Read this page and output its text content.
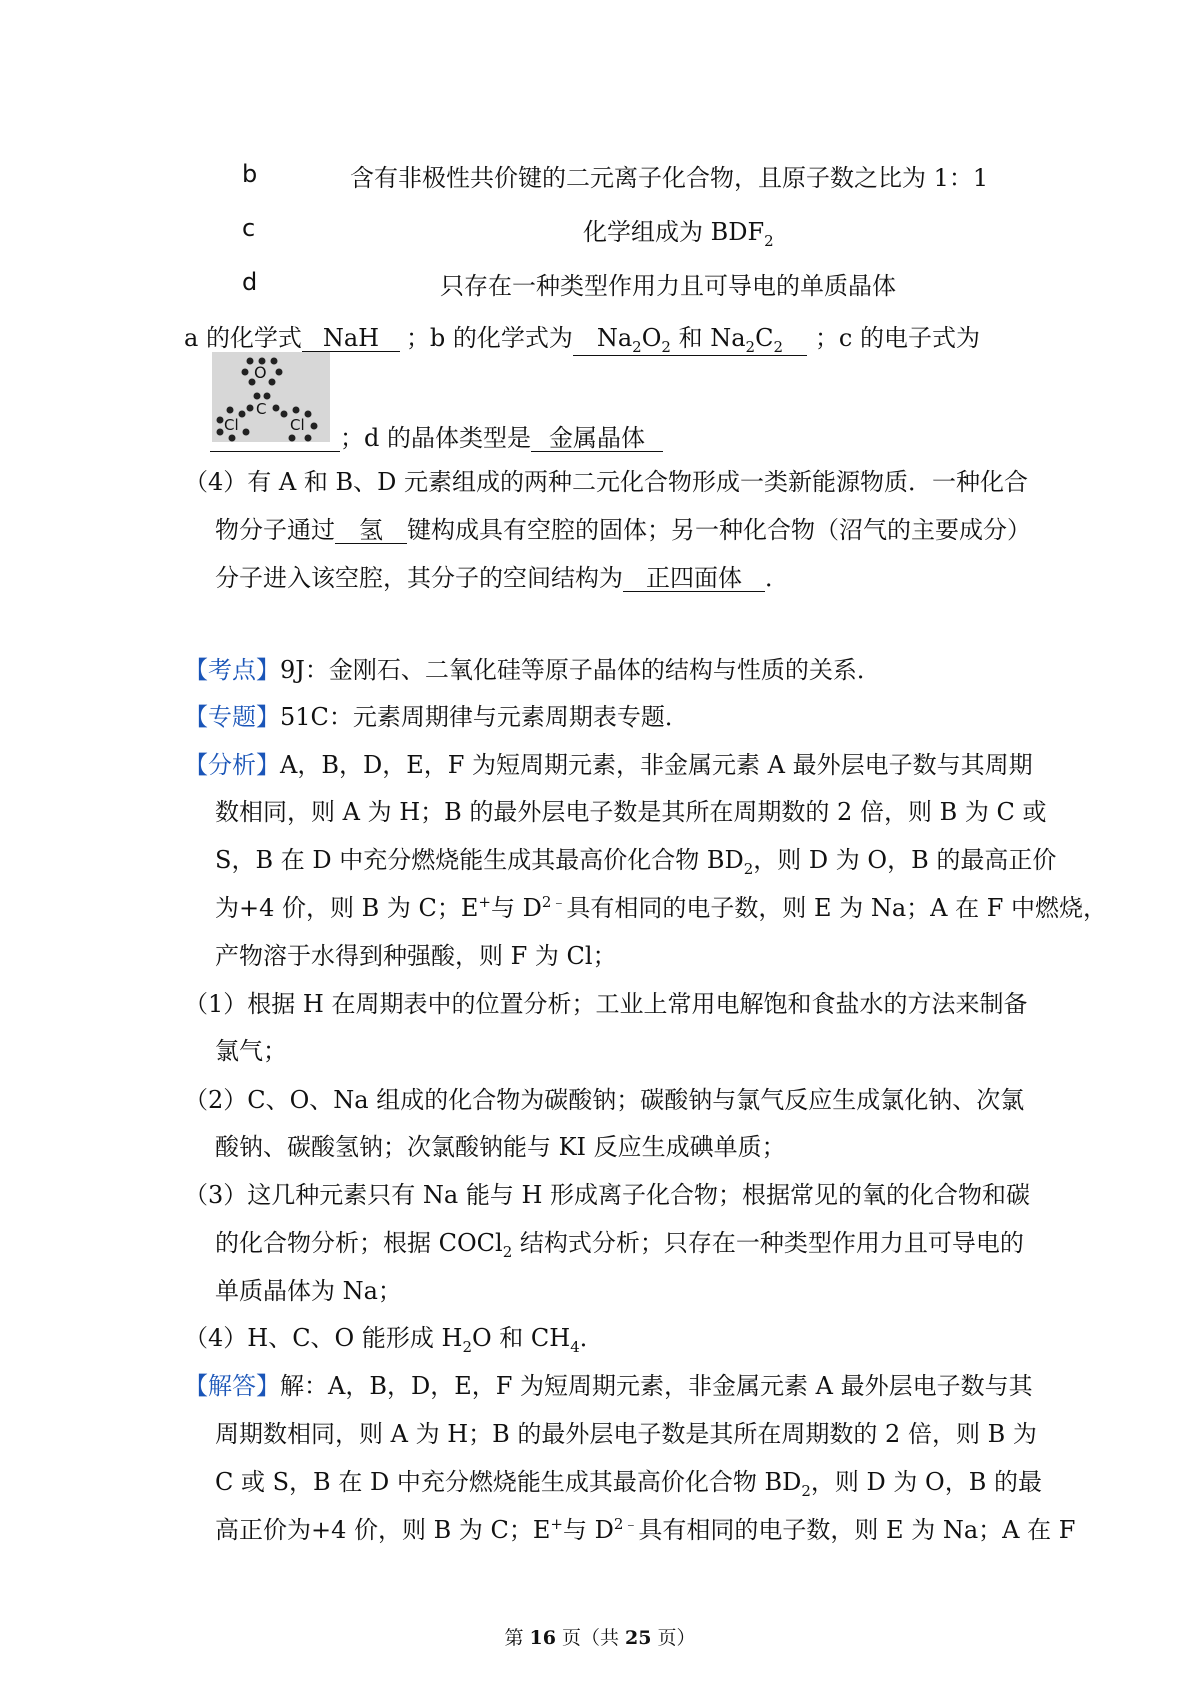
b	含有非极性共价键的二元离子化合物，且原子数之比为 1：1
c	化学组成为 $BDF_2$
d	只存在一种类型作用力且可导电的单质晶体
a 的化学式 NaH ；b 的化学式为 $Na_2O_2$ 和 $Na_2C_2$ ；c 的电子式为
O
C
Cl	Cl	；d 的晶体类型是 金属晶体
（4）有 A 和 B、D 元素组成的两种二元化合物形成一类新能源物质．一种化合
物分子通过 氢 键构成具有空腔的固体；另一种化合物（沼气的主要成分）
分子进入该空腔，其分子的空间结构为 正四面体 ．
【考点】9J：金刚石、二氧化硅等原子晶体的结构与性质的关系．
【专题】51C：元素周期律与元素周期表专题．
【分析】A，B，D，E，F 为短周期元素，非金属元素 A 最外层电子数与其周期
数相同，则 A 为 H；B 的最外层电子数是其所在周期数的 2 倍，则 B 为 C 或
S，B 在 D 中充分燃烧能生成其最高价化合物 $BD_2$，则 D 为 O，B 的最高正价
为+4 价，则 B 为 C；E+与 $D^{2﹣}$具有相同的电子数，则 E 为 Na；A 在 F 中燃烧，
产物溶于水得到种强酸，则 F 为 Cl；
（1）根据 H 在周期表中的位置分析；工业上常用电解饱和食盐水的方法来制备
氯气；
（2）C、O、Na 组成的化合物为碳酸钠；碳酸钠与氯气反应生成氯化钠、次氯
酸钠、碳酸氢钠；次氯酸钠能与 KI 反应生成碘单质；
（3）这几种元素只有 Na 能与 H 形成离子化合物；根据常见的氧的化合物和碳
的化合物分析；根据 COCl$_2$ 结构式分析；只存在一种类型作用力且可导电的
单质晶体为 Na；
（4）H、C、O 能形成 $H_2O$ 和 $CH_4$．
【解答】解：A，B，D，E，F 为短周期元素，非金属元素 A 最外层电子数与其
周期数相同，则 A 为 H；B 的最外层电子数是其所在周期数的 2 倍，则 B 为
C 或 S，B 在 D 中充分燃烧能生成其最高价化合物 $BD_2$，则 D 为 O，B 的最
高正价为+4 价，则 B 为 C；E+与 $D^{2﹣}$具有相同的电子数，则 E 为 Na；A 在 F
第 16 页（共 25 页）
